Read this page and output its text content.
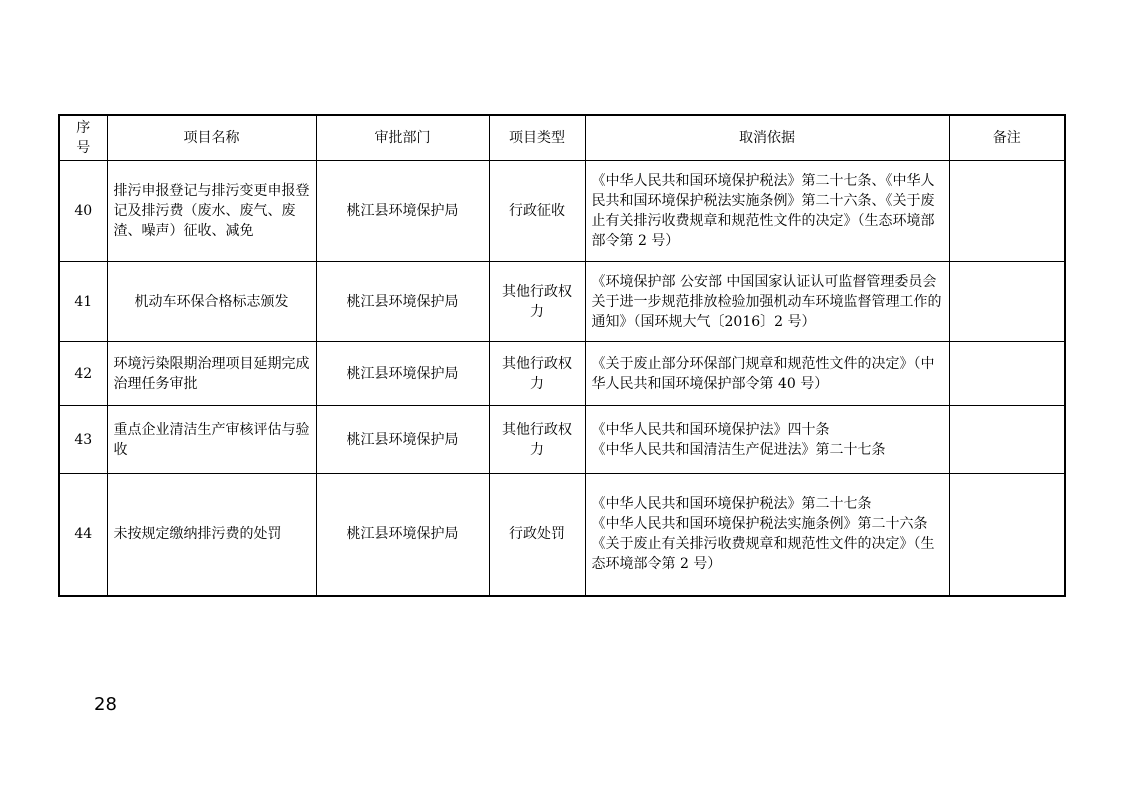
序号	项目名称	审批部门	项目类型	取消依据	备注
40	排污申报登记与排污变更申报登记及排污费（废水、废气、废渣、噪声）征收、减免	桃江县环境保护局	行政征收	《中华人民共和国环境保护税法》第二十七条、《中华人民共和国环境保护税法实施条例》第二十六条、《关于废止有关排污收费规章和规范性文件的决定》（生态环境部部令第 2 号）	
41	机动车环保合格标志颁发	桃江县环境保护局	其他行政权力	《环境保护部 公安部 中国国家认证认可监督管理委员会 关于进一步规范排放检验加强机动车环境监督管理工作的通知》（国环规大气〔2016〕2 号）	
42	环境污染限期治理项目延期完成治理任务审批	桃江县环境保护局	其他行政权力	《关于废止部分环保部门规章和规范性文件的决定》（中华人民共和国环境保护部令第 40 号）	
43	重点企业清洁生产审核评估与验收	桃江县环境保护局	其他行政权力	《中华人民共和国环境保护法》四十条
《中华人民共和国清洁生产促进法》第二十七条	

44	未按规定缴纳排污费的处罚	桃江县环境保护局	行政处罚	《中华人民共和国环境保护税法》第二十七条
《中华人民共和国环境保护税法实施条例》第二十六条
《关于废止有关排污收费规章和规范性文件的决定》（生态环境部令第 2 号）	

28
